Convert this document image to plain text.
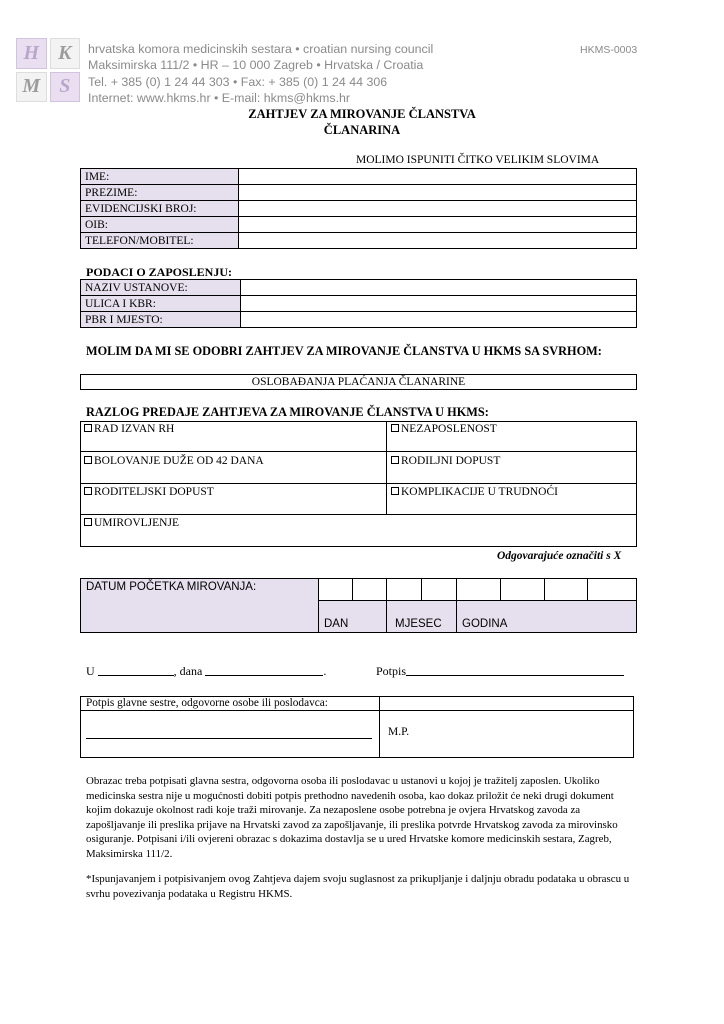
H K
M S
hrvatska komora medicinskih sestara • croatian nursing council
Maksimirska 111/2 • HR – 10 000 Zagreb • Hrvatska / Croatia
Tel. + 385 (0) 1 24 44 303 • Fax: + 385 (0) 1 24 44 306
Internet: www.hkms.hr • E-mail: hkms@hkms.hr
HKMS-0003
ZAHTJEV ZA MIROVANJE ČLANSTVA
ČLANARINA
MOLIMO ISPUNITI ČITKO VELIKIM SLOVIMA
IME:	
PREZIME:	
EVIDENCIJSKI BROJ:	
OIB:	
TELEFON/MOBITEL:	
PODACI O ZAPOSLENJU:
NAZIV USTANOVE:	
ULICA I KBR:	
PBR I MJESTO:	
MOLIM DA MI SE ODOBRI ZAHTJEV ZA MIROVANJE ČLANSTVA U HKMS SA SVRHOM:
OSLOBAĐANJA PLAĆANJA ČLANARINE
RAZLOG PREDAJE ZAHTJEVA ZA MIROVANJE ČLANSTVA U HKMS:
RAD IZVAN RH	NEZAPOSLENOST
BOLOVANJE DUŽE OD 42 DANA	RODILJNI DOPUST
RODITELJSKI DOPUST	KOMPLIKACIJE U TRUDNOĆI
UMIROVLJENJE
Odgovarajuće označiti s X
DATUM POČETKA MIROVANJA:
DAN	MJESEC GODINA
U	, dana	.	Potpis
Potpis glavne sestre, odgovorne osobe ili poslodavca:
M.P.
Obrazac treba potpisati glavna sestra, odgovorna osoba ili poslodavac u ustanovi u kojoj je tražitelj zaposlen. Ukoliko medicinska sestra nije u mogućnosti dobiti potpis prethodno navedenih osoba, kao dokaz priložit će neki drugi dokument kojim dokazuje okolnost radi koje traži mirovanje. Za nezaposlene osobe potrebna je ovjera Hrvatskog zavoda za zapošljavanje ili preslika prijave na Hrvatski zavod za zapošljavanje, ili preslika potvrde Hrvatskog zavoda za mirovinsko osiguranje. Potpisani i/ili ovjereni obrazac s dokazima dostavlja se u ured Hrvatske komore medicinskih sestara, Zagreb, Maksimirska 111/2.
*Ispunjavanjem i potpisivanjem ovog Zahtjeva dajem svoju suglasnost za prikupljanje i daljnju obradu podataka u obrascu u svrhu povezivanja podataka u Registru HKMS.
